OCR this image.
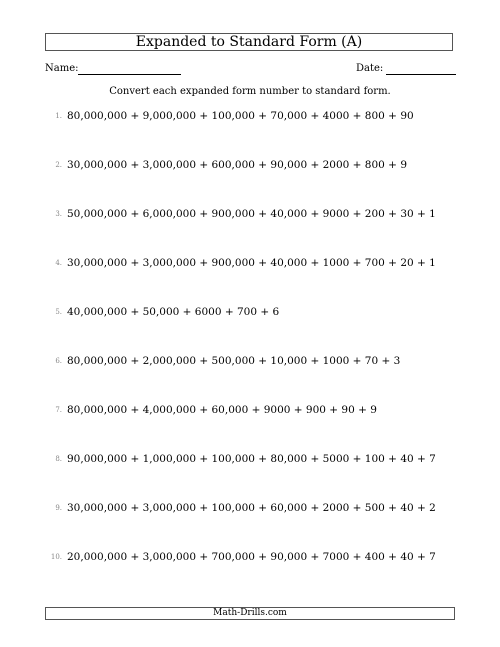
Expanded to Standard Form (A)
Name:	Date:
Convert each expanded form number to standard form.
1. 80,000,000 + 9,000,000 + 100,000 + 70,000 + 4000 + 800 + 90
2. 30,000,000 + 3,000,000 + 600,000 + 90,000 + 2000 + 800 + 9
3. 50,000,000 + 6,000,000 + 900,000 + 40,000 + 9000 + 200 + 30 + 1
4. 30,000,000 + 3,000,000 + 900,000 + 40,000 + 1000 + 700 + 20 + 1
5. 40,000,000 + 50,000 + 6000 + 700 + 6
6. 80,000,000 + 2,000,000 + 500,000 + 10,000 + 1000 + 70 + 3
7. 80,000,000 + 4,000,000 + 60,000 + 9000 + 900 + 90 + 9
8. 90,000,000 + 1,000,000 + 100,000 + 80,000 + 5000 + 100 + 40 + 7
9. 30,000,000 + 3,000,000 + 100,000 + 60,000 + 2000 + 500 + 40 + 2
10. 20,000,000 + 3,000,000 + 700,000 + 90,000 + 7000 + 400 + 40 + 7
Math-Drills.com
